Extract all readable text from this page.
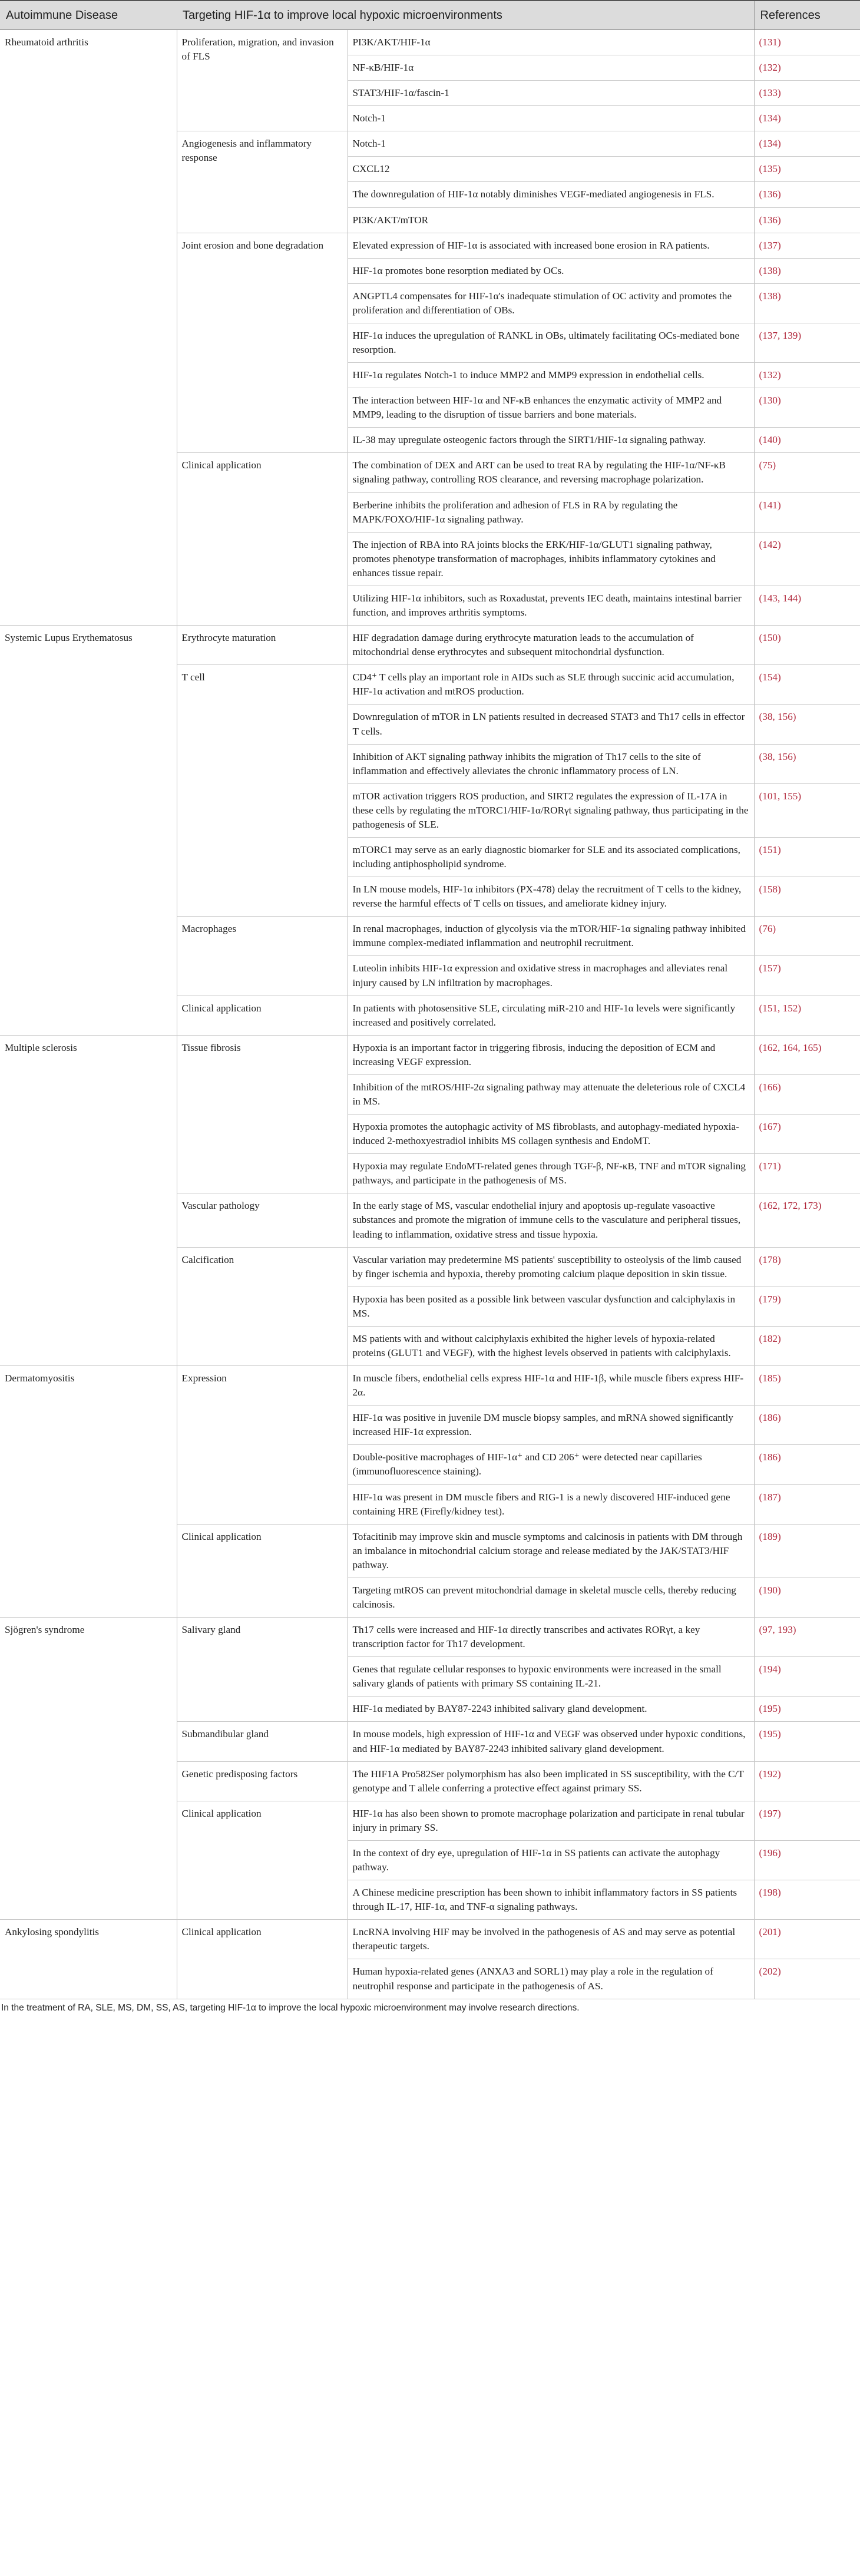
Autoimmune Disease	Targeting HIF-1α to improve local hypoxic microenvironments		References
Rheumatoid arthritis	Proliferation, migration, and invasion of FLS	PI3K/AKT/HIF-1α	(131)
		NF-κB/HIF-1α	(132)
		STAT3/HIF-1α/fascin-1	(133)
		Notch-1	(134)
	Angiogenesis and inflammatory response	Notch-1	(134)
		CXCL12	(135)
		The downregulation of HIF-1α notably diminishes VEGF-mediated angiogenesis in FLS.	(136)
		PI3K/AKT/mTOR	(136)
	Joint erosion and bone degradation	Elevated expression of HIF-1α is associated with increased bone erosion in RA patients.	(137)
		HIF-1α promotes bone resorption mediated by OCs.	(138)
		ANGPTL4 compensates for HIF-1α's inadequate stimulation of OC activity and promotes the proliferation and differentiation of OBs.	(138)
		HIF-1α induces the upregulation of RANKL in OBs, ultimately facilitating OCs-mediated bone resorption.	(137, 139)
		HIF-1α regulates Notch-1 to induce MMP2 and MMP9 expression in endothelial cells.	(132)
		The interaction between HIF-1α and NF-κB enhances the enzymatic activity of MMP2 and MMP9, leading to the disruption of tissue barriers and bone materials.	(130)
		IL-38 may upregulate osteogenic factors through the SIRT1/HIF-1α signaling pathway.	(140)
	Clinical application	The combination of DEX and ART can be used to treat RA by regulating the HIF-1α/NF-κB signaling pathway, controlling ROS clearance, and reversing macrophage polarization.	(75)
		Berberine inhibits the proliferation and adhesion of FLS in RA by regulating the MAPK/FOXO/HIF-1α signaling pathway.	(141)
		The injection of RBA into RA joints blocks the ERK/HIF-1α/GLUT1 signaling pathway, promotes phenotype transformation of macrophages, inhibits inflammatory cytokines and enhances tissue repair.	(142)
		Utilizing HIF-1α inhibitors, such as Roxadustat, prevents IEC death, maintains intestinal barrier function, and improves arthritis symptoms.	(143, 144)
Systemic Lupus Erythematosus	Erythrocyte maturation	HIF degradation damage during erythrocyte maturation leads to the accumulation of mitochondrial dense erythrocytes and subsequent mitochondrial dysfunction.	(150)
	T cell	CD4⁺ T cells play an important role in AIDs such as SLE through succinic acid accumulation, HIF-1α activation and mtROS production.	(154)
		Downregulation of mTOR in LN patients resulted in decreased STAT3 and Th17 cells in effector T cells.	(38, 156)
		Inhibition of AKT signaling pathway inhibits the migration of Th17 cells to the site of inflammation and effectively alleviates the chronic inflammatory process of LN.	(38, 156)
		mTOR activation triggers ROS production, and SIRT2 regulates the expression of IL-17A in these cells by regulating the mTORC1/HIF-1α/RORγt signaling pathway, thus participating in the pathogenesis of SLE.	(101, 155)
		mTORC1 may serve as an early diagnostic biomarker for SLE and its associated complications, including antiphospholipid syndrome.	(151)
		In LN mouse models, HIF-1α inhibitors (PX-478) delay the recruitment of T cells to the kidney, reverse the harmful effects of T cells on tissues, and ameliorate kidney injury.	(158)
	Macrophages	In renal macrophages, induction of glycolysis via the mTOR/HIF-1α signaling pathway inhibited immune complex-mediated inflammation and neutrophil recruitment.	(76)
		Luteolin inhibits HIF-1α expression and oxidative stress in macrophages and alleviates renal injury caused by LN infiltration by macrophages.	(157)
	Clinical application	In patients with photosensitive SLE, circulating miR-210 and HIF-1α levels were significantly increased and positively correlated.	(151, 152)
Multiple sclerosis	Tissue fibrosis	Hypoxia is an important factor in triggering fibrosis, inducing the deposition of ECM and increasing VEGF expression.	(162, 164, 165)
		Inhibition of the mtROS/HIF-2α signaling pathway may attenuate the deleterious role of CXCL4 in MS.	(166)
		Hypoxia promotes the autophagic activity of MS fibroblasts, and autophagy-mediated hypoxia-induced 2-methoxyestradiol inhibits MS collagen synthesis and EndoMT.	(167)
		Hypoxia may regulate EndoMT-related genes through TGF-β, NF-κB, TNF and mTOR signaling pathways, and participate in the pathogenesis of MS.	(171)
	Vascular pathology	In the early stage of MS, vascular endothelial injury and apoptosis up-regulate vasoactive substances and promote the migration of immune cells to the vasculature and peripheral tissues, leading to inflammation, oxidative stress and tissue hypoxia.	(162, 172, 173)
	Calcification	Vascular variation may predetermine MS patients' susceptibility to osteolysis of the limb caused by finger ischemia and hypoxia, thereby promoting calcium plaque deposition in skin tissue.	(178)
		Hypoxia has been posited as a possible link between vascular dysfunction and calciphylaxis in MS.	(179)
		MS patients with and without calciphylaxis exhibited the higher levels of hypoxia-related proteins (GLUT1 and VEGF), with the highest levels observed in patients with calciphylaxis.	(182)
Dermatomyositis	Expression	In muscle fibers, endothelial cells express HIF-1α and HIF-1β, while muscle fibers express HIF-2α.	(185)
		HIF-1α was positive in juvenile DM muscle biopsy samples, and mRNA showed significantly increased HIF-1α expression.	(186)
		Double-positive macrophages of HIF-1α⁺ and CD 206⁺ were detected near capillaries (immunofluorescence staining).	(186)
		HIF-1α was present in DM muscle fibers and RIG-1 is a newly discovered HIF-induced gene containing HRE (Firefly/kidney test).	(187)
	Clinical application	Tofacitinib may improve skin and muscle symptoms and calcinosis in patients with DM through an imbalance in mitochondrial calcium storage and release mediated by the JAK/STAT3/HIF pathway.	(189)
		Targeting mtROS can prevent mitochondrial damage in skeletal muscle cells, thereby reducing calcinosis.	(190)
Sjögren's syndrome	Salivary gland	Th17 cells were increased and HIF-1α directly transcribes and activates RORγt, a key transcription factor for Th17 development.	(97, 193)
		Genes that regulate cellular responses to hypoxic environments were increased in the small salivary glands of patients with primary SS containing IL-21.	(194)
		HIF-1α mediated by BAY87-2243 inhibited salivary gland development.	(195)
	Submandibular gland	In mouse models, high expression of HIF-1α and VEGF was observed under hypoxic conditions, and HIF-1α mediated by BAY87-2243 inhibited salivary gland development.	(195)
	Genetic predisposing factors	The HIF1A Pro582Ser polymorphism has also been implicated in SS susceptibility, with the C/T genotype and T allele conferring a protective effect against primary SS.	(192)
	Clinical application	HIF-1α has also been shown to promote macrophage polarization and participate in renal tubular injury in primary SS.	(197)
		In the context of dry eye, upregulation of HIF-1α in SS patients can activate the autophagy pathway.	(196)
		A Chinese medicine prescription has been shown to inhibit inflammatory factors in SS patients through IL-17, HIF-1α, and TNF-α signaling pathways.	(198)
Ankylosing spondylitis	Clinical application	LncRNA involving HIF may be involved in the pathogenesis of AS and may serve as potential therapeutic targets.	(201)
		Human hypoxia-related genes (ANXA3 and SORL1) may play a role in the regulation of neutrophil response and participate in the pathogenesis of AS.	(202)
In the treatment of RA, SLE, MS, DM, SS, AS, targeting HIF-1α to improve the local hypoxic microenvironment may involve research directions.
